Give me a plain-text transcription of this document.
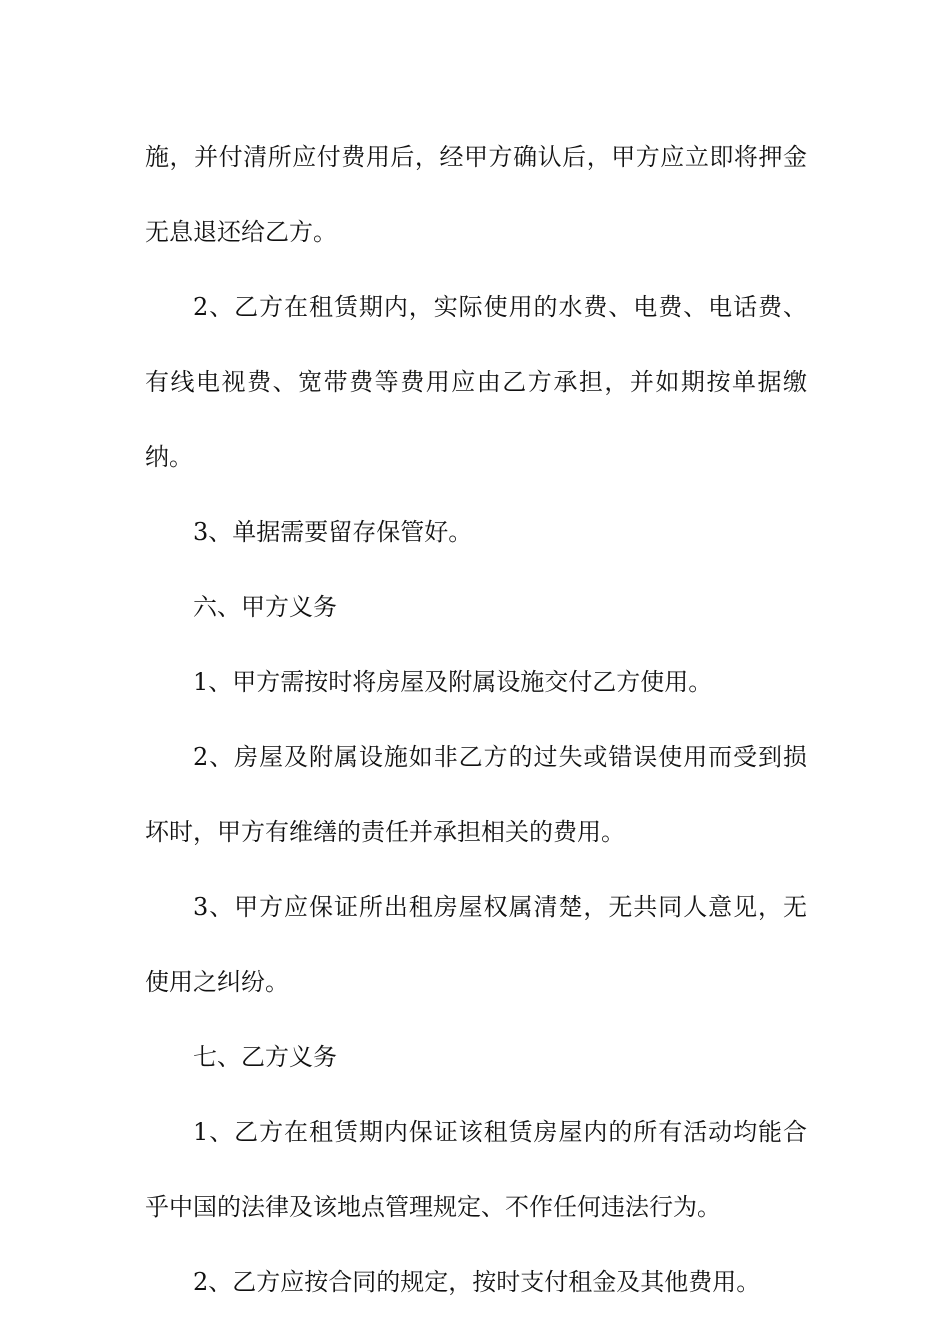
施，并付清所应付费用后，经甲方确认后，甲方应立即将押金无息退还给乙方。

2、乙方在租赁期内，实际使用的水费、电费、电话费、有线电视费、宽带费等费用应由乙方承担，并如期按单据缴纳。

3、单据需要留存保管好。

六、甲方义务

1、甲方需按时将房屋及附属设施交付乙方使用。

2、房屋及附属设施如非乙方的过失或错误使用而受到损坏时，甲方有维缮的责任并承担相关的费用。

3、甲方应保证所出租房屋权属清楚，无共同人意见，无使用之纠纷。

七、乙方义务

1、乙方在租赁期内保证该租赁房屋内的所有活动均能合乎中国的法律及该地点管理规定、不作任何违法行为。

2、乙方应按合同的规定，按时支付租金及其他费用。
